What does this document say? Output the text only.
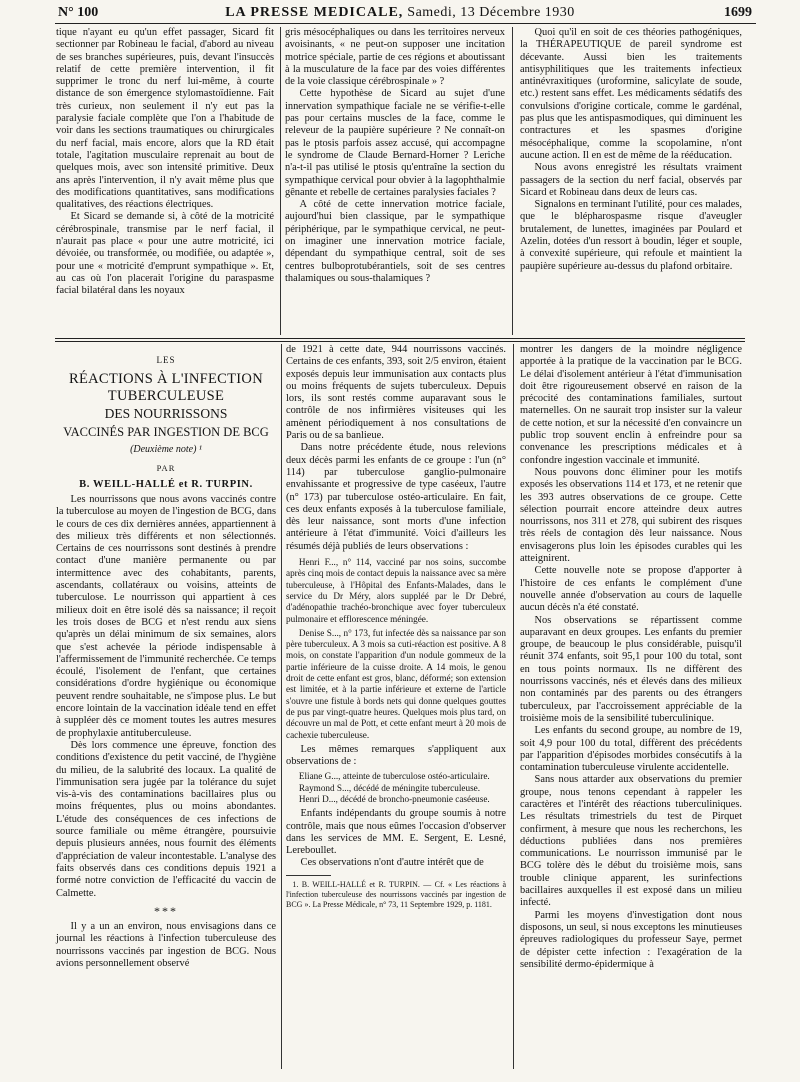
N° 100	LA PRESSE MEDICALE, Samedi, 13 Décembre 1930	1699

tique n'ayant eu qu'un effet passager, Sicard fit sectionner par Robineau le facial, d'abord au niveau de ses branches supérieures, puis, devant l'insuccès relatif de cette première intervention, il fit supprimer le tronc du nerf lui-même, à courte distance de son émergence stylomastoïdienne. Fait très curieux, non seulement il n'y eut pas la paralysie faciale complète que l'on a l'habitude de voir dans les sections traumatiques ou chirurgicales du nerf facial, mais encore, alors que la RD était totale, l'agitation musculaire reprenait au bout de quelques mois, avec son intensité primitive. Deux ans après l'intervention, il n'y avait même plus que des modifications quantitatives, sans modifications qualitatives, des réactions électriques.

Et Sicard se demande si, à côté de la motricité cérébrospinale, transmise par le nerf facial, il n'aurait pas place « pour une autre motricité, ici dévoiée, ou transformée, ou modifiée, ou adaptée », pour une « motricité d'emprunt sympathique ». Et, au cas où l'on placerait l'origine du paraspasme facial bilatéral dans les noyaux

gris mésocéphaliques ou dans les territoires nerveux avoisinants, « ne peut-on supposer une incitation motrice spéciale, partie de ces régions et aboutissant à la musculature de la face par des voies différentes de la voie classique cérébrospinale » ?

Cette hypothèse de Sicard au sujet d'une innervation sympathique faciale ne se vérifie-t-elle pas pour certains muscles de la face, comme le releveur de la paupière supérieure ? Ne connaît-on pas le ptosis parfois assez accusé, qui accompagne le syndrome de Claude Bernard-Horner ? Leriche n'a-t-il pas utilisé le ptosis qu'entraîne la section du sympathique cervical pour obvier à la lagophthalmie gênante et rebelle de certaines paralysies faciales ?

A côté de cette innervation motrice faciale, aujourd'hui bien classique, par le sympathique périphérique, par le sympathique cervical, ne peut-on imaginer une innervation motrice faciale, dépendant du sympathique central, soit de ses centres bulboprotubérantiels, soit de ses centres thalamiques ou sous-thalamiques ?

Quoi qu'il en soit de ces théories pathogéniques, la THÉRAPEUTIQUE de pareil syndrome est décevante. Aussi bien les traitements antisyphilitiques que les traitements infectieux antinévraxitiques (uroformine, salicylate de soude, etc.) restent sans effet. Les médicaments sédatifs des convulsions d'origine corticale, comme le gardénal, pas plus que les antispasmodiques, qui diminuent les contractures et les spasmes d'origine mésocéphalique, comme la scopolamine, n'ont aucune action. Il en est de même de la rééducation.

Nous avons enregistré les résultats vraiment passagers de la section du nerf facial, observés par Sicard et Robineau dans deux de leurs cas.

Signalons en terminant l'utilité, pour ces malades, que le blépharospasme risque d'aveugler brutalement, de lunettes, imaginées par Poulard et Azelin, dotées d'un ressort à boudin, léger et souple, à convexité supérieure, qui refoule et maintient la paupière supérieure au-dessus du plafond orbitaire.

LES
RÉACTIONS À L'INFECTION TUBERCULEUSE
DES NOURRISSONS
VACCINÉS PAR INGESTION DE BCG
(Deuxième note) ¹
PAR
B. WEILL-HALLÉ et R. TURPIN.

Les nourrissons que nous avons vaccinés contre la tuberculose au moyen de l'ingestion de BCG, dans le cours de ces dix dernières années, appartiennent à des milieux très différents et non sélectionnés. Certains de ces nourrissons sont destinés à prendre contact d'une manière permanente ou par intermittence avec des cohabitants, parents, ascendants, collatéraux ou voisins, atteints de tuberculose. Le nourrisson qui appartient à ces milieux doit en être isolé dès sa naissance; il reçoit les trois doses de BCG et n'est rendu aux siens qu'après un délai minimum de six semaines, alors que s'est achevée la période indispensable à l'affermissement de l'immunité recherchée. Ce temps écoulé, l'isolement de l'enfant, que certaines considérations d'ordre hygiénique ou économique peuvent rendre souhaitable, ne s'impose plus. Le but encore lointain de la vaccination idéale tend en effet à suppléer dès ce moment toutes les autres mesures de prophylaxie antituberculeuse.

Dès lors commence une épreuve, fonction des conditions d'existence du petit vacciné, de l'hygiène du milieu, de la salubrité des locaux. La qualité de l'immunisation sera jugée par la tolérance du sujet vis-à-vis des contaminations bacillaires plus ou moins fréquentes, plus ou moins abondantes. L'étude des conséquences de ces infections de source familiale ou même étrangère, poursuivie depuis plusieurs années, nous fournit des éléments d'appréciation de valeur incontestable. L'analyse des faits observés dans ces conditions depuis 1921 a formé notre conviction de l'efficacité du vaccin de Calmette.

***

Il y a un an environ, nous envisagions dans ce journal les réactions à l'infection tuberculeuse des nourrissons vaccinés par ingestion de BCG. Nous avions personnellement observé

de 1921 à cette date, 944 nourrissons vaccinés. Certains de ces enfants, 393, soit 2/5 environ, étaient exposés depuis leur immunisation aux contacts plus ou moins fréquents de sujets tuberculeux. Depuis lors, ils sont restés comme auparavant sous le contrôle de nos infirmières visiteuses qui les amènent périodiquement à nos consultations de Paris ou de sa banlieue.

Dans notre précédente étude, nous relevions deux décès parmi les enfants de ce groupe : l'un (n° 114) par tuberculose ganglio-pulmonaire envahissante et progressive de type caséeux, l'autre (n° 173) par tuberculose ostéo-articulaire. En fait, ces deux enfants exposés à la tuberculose familiale, dès leur naissance, sont morts d'une infection antérieure à l'état d'immunité. Voici d'ailleurs les résumés déjà publiés de leurs observations :

Henri F..., n° 114, vacciné par nos soins, succombe après cinq mois de contact depuis la naissance avec sa mère tuberculeuse, à l'Hôpital des Enfants-Malades, dans le service du Dr Méry, alors suppléé par le Dr Debré, d'adénopathie trachéo-bronchique avec foyer tuberculeux pulmonaire et efflorescence méningée.

Denise S..., n° 173, fut infectée dès sa naissance par son père tuberculeux. A 3 mois sa cuti-réaction est positive. A 8 mois, on constate l'apparition d'un nodule gommeux de la partie inférieure de la cuisse droite. A 14 mois, le genou droit de cette enfant est gros, blanc, déformé; son extension est limitée, et à la partie inférieure et externe de l'article s'ouvre une fistule à bords nets qui donne quelques gouttes de pus par vingt-quatre heures. Quelques mois plus tard, on découvre un mal de Pott, et cette enfant meurt à 20 mois de cachexie tuberculeuse.

Les mêmes remarques s'appliquent aux observations de :

Eliane G..., atteinte de tuberculose ostéo-articulaire.

Raymond S..., décédé de méningite tuberculeuse.

Henri D..., décédé de broncho-pneumonie caséeuse.

Enfants indépendants du groupe soumis à notre contrôle, mais que nous eûmes l'occasion d'observer dans les services de MM. E. Sergent, E. Lesné, Lereboullet.

Ces observations n'ont d'autre intérêt que de

1. B. WEILL-HALLÉ et R. TURPIN. — Cf. « Les réactions à l'infection tuberculeuse des nourrissons vaccinés par ingestion de BCG ». La Presse Médicale, n° 73, 11 Septembre 1929, p. 1181.

montrer les dangers de la moindre négligence apportée à la pratique de la vaccination par le BCG. Le délai d'isolement antérieur à l'état d'immunisation doit être rigoureusement observé en raison de la précocité des contaminations familiales, surtout maternelles. On ne saurait trop insister sur la valeur de cette notion, et sur la nécessité d'en convaincre un public trop souvent enclin à enfreindre pour sa convenance les prescriptions médicales et à confondre ingestion vaccinale et immunité.

Nous pouvons donc éliminer pour les motifs exposés les observations 114 et 173, et ne retenir que les 393 autres observations de ce groupe. Cette sélection pourrait encore atteindre deux autres nourrissons, nos 311 et 278, qui subirent des risques très réels de contagion dès leur naissance. Nous envisagerons plus loin les épisodes curables qui les atteignirent.

Cette nouvelle note se propose d'apporter à l'histoire de ces enfants le complément d'une nouvelle année d'observation au cours de laquelle aucun décès n'a été constaté.

Nos observations se répartissent comme auparavant en deux groupes. Les enfants du premier groupe, de beaucoup le plus considérable, puisqu'il réunit 374 enfants, soit 95,1 pour 100 du total, sont en tous points normaux. Ils ne diffèrent des nourrissons vaccinés, nés et élevés dans des milieux non contaminés par des parents ou des étrangers tuberculeux, par l'accroissement appréciable de la troisième mois de la sensibilité tuberculinique.

Les enfants du second groupe, au nombre de 19, soit 4,9 pour 100 du total, diffèrent des précédents par l'apparition d'épisodes morbides consécutifs à la contamination tuberculeuse virulente accidentelle.

Sans nous attarder aux observations du premier groupe, nous tenons cependant à rappeler les caractères et l'intérêt des réactions tuberculiniques. Les résultats trimestriels du test de Pirquet confirment, à mesure que nous les recherchons, les déductions publiées dans nos premières communications. Le nourrisson immunisé par le BCG tolère dès le début du troisième mois, sans trouble clinique apparent, les surinfections bacillaires auxquelles il est exposé dans un milieu infecté.

Parmi les moyens d'investigation dont nous disposons, un seul, si nous exceptons les minutieuses épreuves radiologiques du professeur Saye, permet de dépister cette infection : l'exagération de la sensibilité dermo-épidermique à
